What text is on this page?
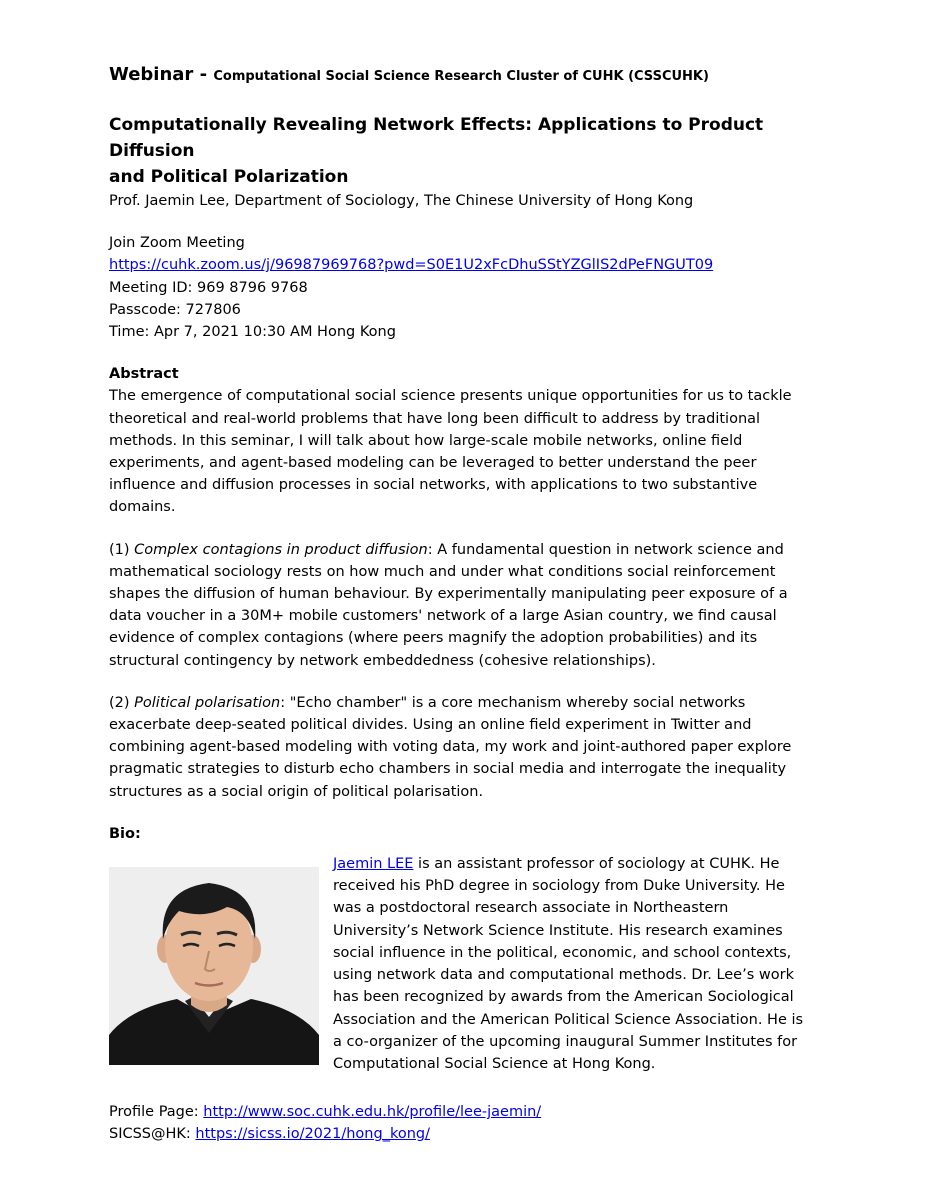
Webinar - Computational Social Science Research Cluster of CUHK (CSSCUHK)
Computationally Revealing Network Effects: Applications to Product Diffusion
and Political Polarization
Prof. Jaemin Lee, Department of Sociology, The Chinese University of Hong Kong
Join Zoom Meeting
https://cuhk.zoom.us/j/96987969768?pwd=S0E1U2xFcDhuSStYZGlIS2dPeFNGUT09
Meeting ID: 969 8796 9768
Passcode: 727806
Time: Apr 7, 2021 10:30 AM Hong Kong
Abstract
The emergence of computational social science presents unique opportunities for us to tackle
theoretical and real-world problems that have long been difficult to address by traditional
methods. In this seminar, I will talk about how large-scale mobile networks, online field
experiments, and agent-based modeling can be leveraged to better understand the peer
influence and diffusion processes in social networks, with applications to two substantive
domains.
(1) Complex contagions in product diffusion: A fundamental question in network science and
mathematical sociology rests on how much and under what conditions social reinforcement
shapes the diffusion of human behaviour. By experimentally manipulating peer exposure of a
data voucher in a 30M+ mobile customers' network of a large Asian country, we find causal
evidence of complex contagions (where peers magnify the adoption probabilities) and its
structural contingency by network embeddedness (cohesive relationships).
(2) Political polarisation: "Echo chamber" is a core mechanism whereby social networks
exacerbate deep-seated political divides. Using an online field experiment in Twitter and
combining agent-based modeling with voting data, my work and joint-authored paper explore
pragmatic strategies to disturb echo chambers in social media and interrogate the inequality
structures as a social origin of political polarisation.
Bio:
Jaemin LEE is an assistant professor of sociology at CUHK. He
received his PhD degree in sociology from Duke University. He
was a postdoctoral research associate in Northeastern
University’s Network Science Institute. His research examines
social influence in the political, economic, and school contexts,
using network data and computational methods. Dr. Lee’s work
has been recognized by awards from the American Sociological
Association and the American Political Science Association. He is
a co-organizer of the upcoming inaugural Summer Institutes for
Computational Social Science at Hong Kong.
Profile Page: http://www.soc.cuhk.edu.hk/profile/lee-jaemin/
SICSS@HK: https://sicss.io/2021/hong_kong/
